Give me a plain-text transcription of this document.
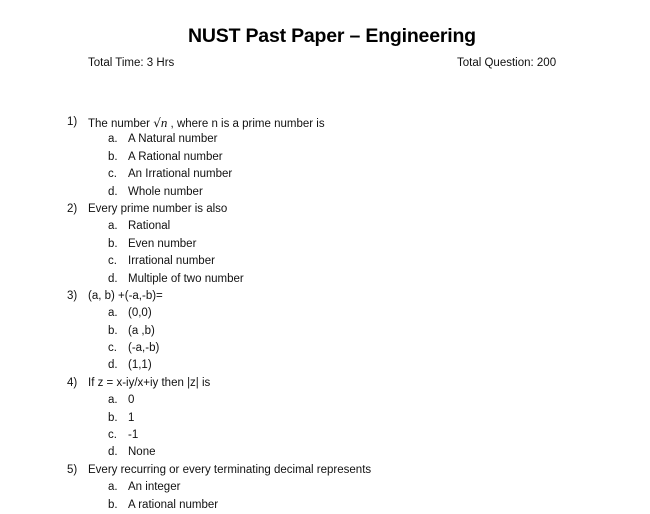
NUST Past Paper – Engineering
Total Time: 3 Hrs	Total Question: 200
1) The number √n , where n is a prime number is
a. A Natural number
b. A Rational number
c. An Irrational number
d. Whole number
2) Every prime number is also
a. Rational
b. Even number
c. Irrational number
d. Multiple of two number
3) (a, b) +(-a,-b)=
a. (0,0)
b. (a ,b)
c. (-a,-b)
d. (1,1)
4) If z = x-iy/x+iy then |z| is
a. 0
b. 1
c. -1
d. None
5) Every recurring or every terminating decimal represents
a. An integer
b. A rational number
